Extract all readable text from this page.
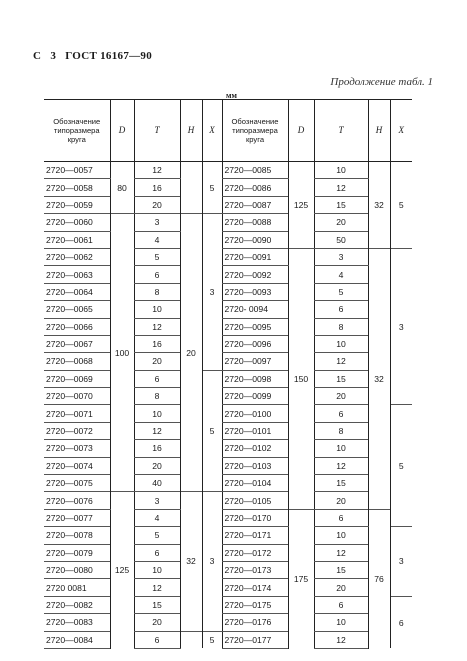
С 3 ГОСТ 16167—90
Продолжение табл. 1
мм
Обозначение типоразмера круга	D	T	H	X	Обозначение типоразмера круга	D	T	H	X
2720—0057	80	12		5	2720—0085	125	10	32	5
2720—0058		16			2720—0086		12		
2720—0059		20			2720—0087		15		
2720—0060	100	3	20	3	2720—0088		20		
2720—0061		4			2720—0090		50		
2720—0062		5			2720—0091	150	3	32	3
2720—0063		6			2720—0092		4		
2720—0064		8			2720—0093		5		
2720—0065		10			2720- 0094		6		
2720—0066		12			2720—0095		8		
2720—0067		16			2720—0096		10		
2720—0068		20			2720—0097		12		
2720—0069		6		5	2720—0098		15		
2720—0070		8			2720—0099		20		
2720—0071		10			2720—0100		6		5
2720—0072		12			2720—0101		8		
2720—0073		16			2720—0102		10		
2720—0074		20			2720—0103		12		
2720—0075		40			2720—0104		15		
2720—0076	125	3	32	3	2720—0105		20		
2720—0077		4			2720—0170	175	6	76	
2720—0078		5			2720—0171		10		3
2720—0079		6			2720—0172		12		
2720—0080		10			2720—0173		15		
2720 0081		12			2720—0174		20		
2720—0082		15			2720—0175		6		6
2720—0083		20			2720—0176		10		
2720—0084		6		5	2720—0177		12		
